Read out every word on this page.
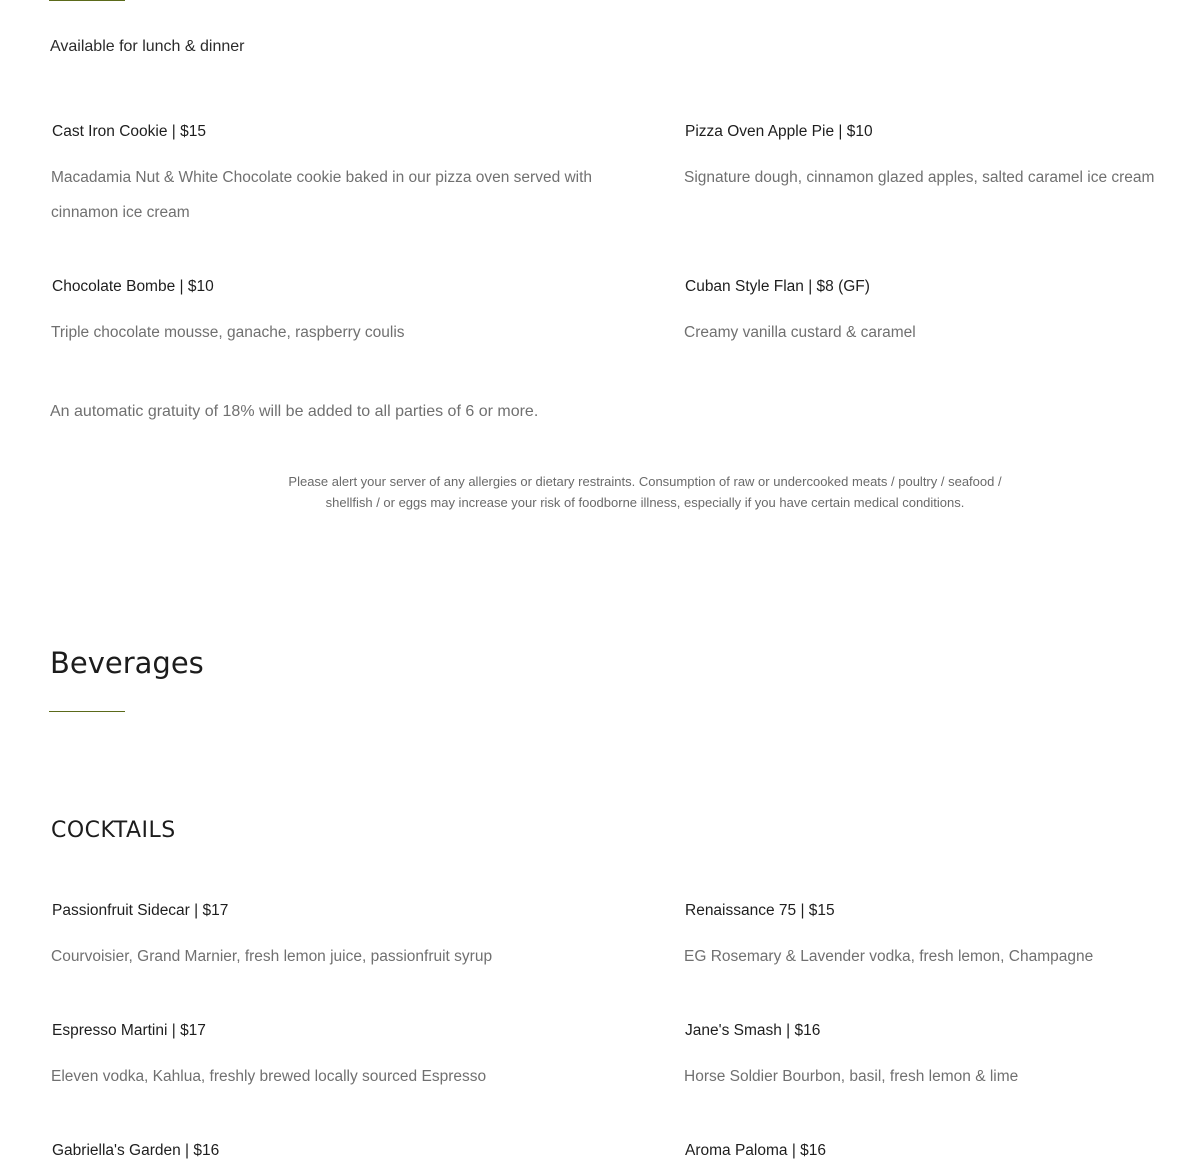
Available for lunch & dinner
Cast Iron Cookie | $15
Macadamia Nut & White Chocolate cookie baked in our pizza oven served with cinnamon ice cream
Pizza Oven Apple Pie | $10
Signature dough, cinnamon glazed apples, salted caramel ice cream
Chocolate Bombe | $10
Triple chocolate mousse, ganache, raspberry coulis
Cuban Style Flan | $8 (GF)
Creamy vanilla custard & caramel
An automatic gratuity of 18% will be added to all parties of 6 or more.
Please alert your server of any allergies or dietary restraints. Consumption of raw or undercooked meats / poultry / seafood / shellfish / or eggs may increase your risk of foodborne illness, especially if you have certain medical conditions.
Beverages
COCKTAILS
Passionfruit Sidecar | $17
Courvoisier, Grand Marnier, fresh lemon juice, passionfruit syrup
Renaissance 75 | $15
EG Rosemary & Lavender vodka, fresh lemon, Champagne
Espresso Martini | $17
Eleven vodka, Kahlua, freshly brewed locally sourced Espresso
Jane's Smash | $16
Horse Soldier Bourbon, basil, fresh lemon & lime
Gabriella's Garden | $16	Aroma Paloma | $16
